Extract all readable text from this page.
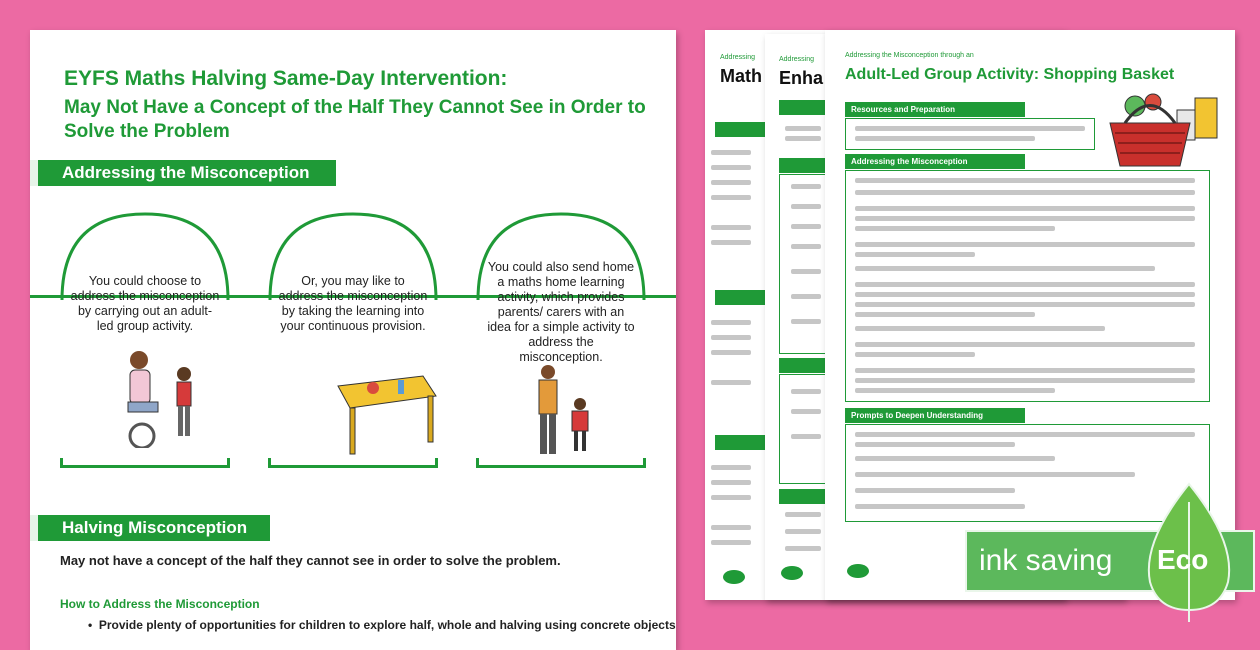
Addressing
Math
Addressing
Enha
Addressing the Misconception through an
Adult-Led Group Activity: Shopping Basket
Resources and Preparation
Addressing the Misconception
Prompts to Deepen Understanding
EYFS Maths Halving Same-Day Intervention:
May Not Have a Concept of the Half They Cannot See in Order to Solve the Problem
Addressing the Misconception
You could choose to address the misconception by carrying out an adult-led group activity.
Or, you may like to address the misconception by taking the learning into your continuous provision.
You could also send home a maths home learning activity, which provides parents/ carers with an idea for a simple activity to address the misconception.
Halving Misconception
May not have a concept of the half they cannot see in order to solve the problem.
How to Address the Misconception
•  Provide plenty of opportunities for children to explore half, whole and halving using concrete objects
ink saving Eco
